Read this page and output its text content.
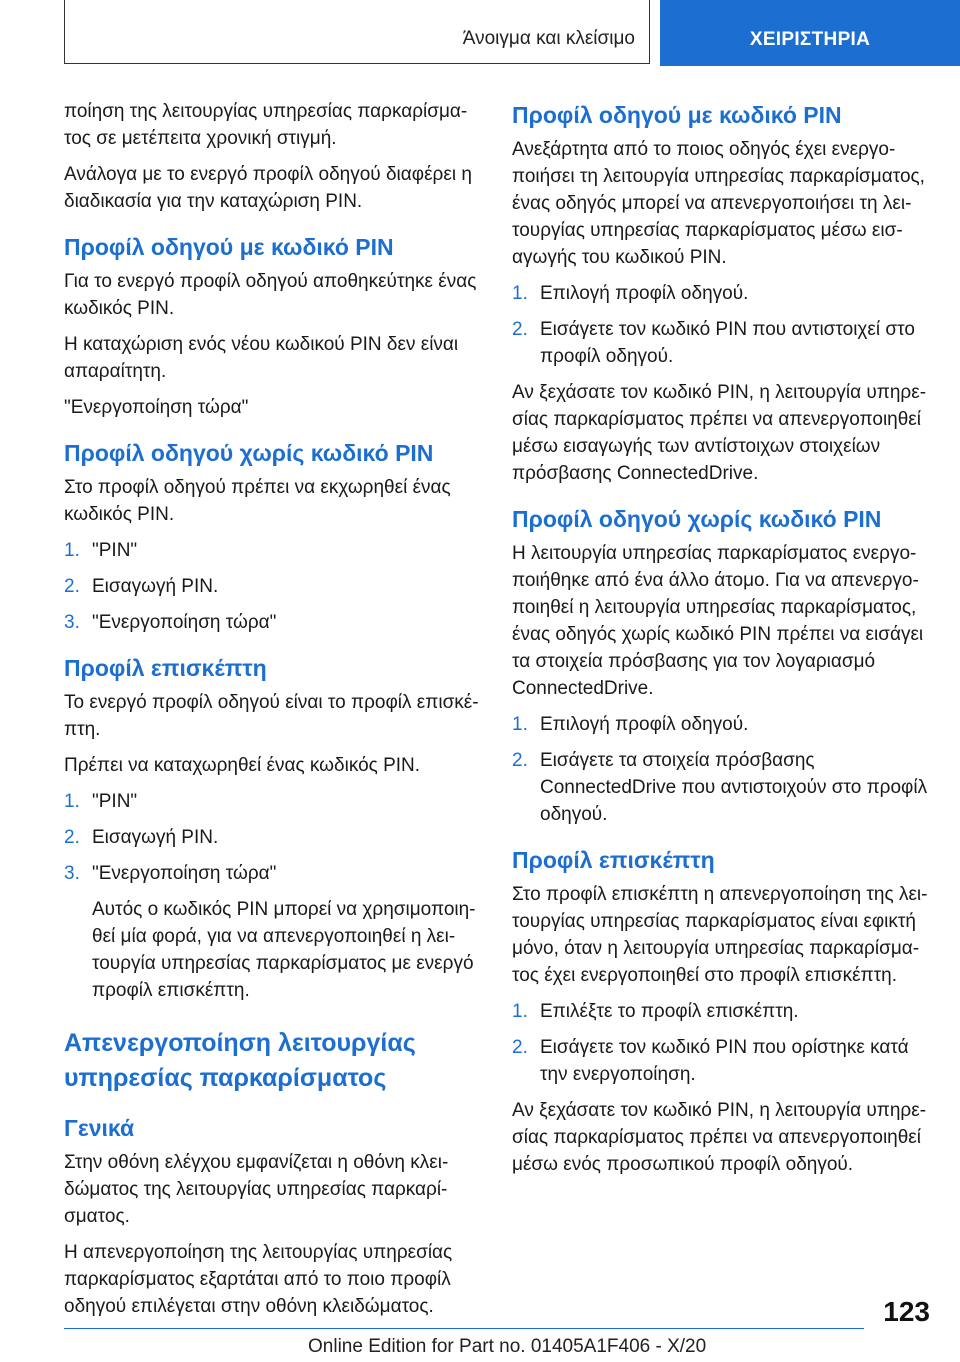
Άνοιγμα και κλείσιμο	ΧΕΙΡΙΣΤΗΡΙΑ
ποίηση της λειτουργίας υπηρεσίας παρκαρίσμα-τος σε μετέπειτα χρονική στιγμή.
Ανάλογα με το ενεργό προφίλ οδηγού διαφέρει η διαδικασία για την καταχώριση PIN.
Προφίλ οδηγού με κωδικό PIN
Για το ενεργό προφίλ οδηγού αποθηκεύτηκε ένας κωδικός PIN.
Η καταχώριση ενός νέου κωδικού PIN δεν είναι απαραίτητη.
"Ενεργοποίηση τώρα"
Προφίλ οδηγού χωρίς κωδικό PIN
Στο προφίλ οδηγού πρέπει να εκχωρηθεί ένας κωδικός PIN.
1. "PIN"
2. Εισαγωγή PIN.
3. "Ενεργοποίηση τώρα"
Προφίλ επισκέπτη
Το ενεργό προφίλ οδηγού είναι το προφίλ επισκέ-πτη.
Πρέπει να καταχωρηθεί ένας κωδικός PIN.
1. "PIN"
2. Εισαγωγή PIN.
3. "Ενεργοποίηση τώρα"
Αυτός ο κωδικός PIN μπορεί να χρησιμοποιη-θεί μία φορά, για να απενεργοποιηθεί η λει-τουργία υπηρεσίας παρκαρίσματος με ενεργό προφίλ επισκέπτη.
Απενεργοποίηση λειτουργίας υπηρεσίας παρκαρίσματος
Γενικά
Στην οθόνη ελέγχου εμφανίζεται η οθόνη κλει-δώματος της λειτουργίας υπηρεσίας παρκαρί-σματος.
Η απενεργοποίηση της λειτουργίας υπηρεσίας παρκαρίσματος εξαρτάται από το ποιο προφίλ οδηγού επιλέγεται στην οθόνη κλειδώματος.
Προφίλ οδηγού με κωδικό PIN
Ανεξάρτητα από το ποιος οδηγός έχει ενεργο-ποιήσει τη λειτουργία υπηρεσίας παρκαρίσματος, ένας οδηγός μπορεί να απενεργοποιήσει τη λει-τουργίας υπηρεσίας παρκαρίσματος μέσω εισ-αγωγής του κωδικού PIN.
1. Επιλογή προφίλ οδηγού.
2. Εισάγετε τον κωδικό PIN που αντιστοιχεί στο προφίλ οδηγού.
Αν ξεχάσατε τον κωδικό PIN, η λειτουργία υπηρε-σίας παρκαρίσματος πρέπει να απενεργοποιηθεί μέσω εισαγωγής των αντίστοιχων στοιχείων πρόσβασης ConnectedDrive.
Προφίλ οδηγού χωρίς κωδικό PIN
Η λειτουργία υπηρεσίας παρκαρίσματος ενεργο-ποιήθηκε από ένα άλλο άτομο. Για να απενεργο-ποιηθεί η λειτουργία υπηρεσίας παρκαρίσματος, ένας οδηγός χωρίς κωδικό PIN πρέπει να εισάγει τα στοιχεία πρόσβασης για τον λογαριασμό ConnectedDrive.
1. Επιλογή προφίλ οδηγού.
2. Εισάγετε τα στοιχεία πρόσβασης ConnectedDrive που αντιστοιχούν στο προφίλ οδηγού.
Προφίλ επισκέπτη
Στο προφίλ επισκέπτη η απενεργοποίηση της λει-τουργίας υπηρεσίας παρκαρίσματος είναι εφικτή μόνο, όταν η λειτουργία υπηρεσίας παρκαρίσμα-τος έχει ενεργοποιηθεί στο προφίλ επισκέπτη.
1. Επιλέξτε το προφίλ επισκέπτη.
2. Εισάγετε τον κωδικό PIN που ορίστηκε κατά την ενεργοποίηση.
Αν ξεχάσατε τον κωδικό PIN, η λειτουργία υπηρε-σίας παρκαρίσματος πρέπει να απενεργοποιηθεί μέσω ενός προσωπικού προφίλ οδηγού.
123
Online Edition for Part no. 01405A1F406 - X/20
